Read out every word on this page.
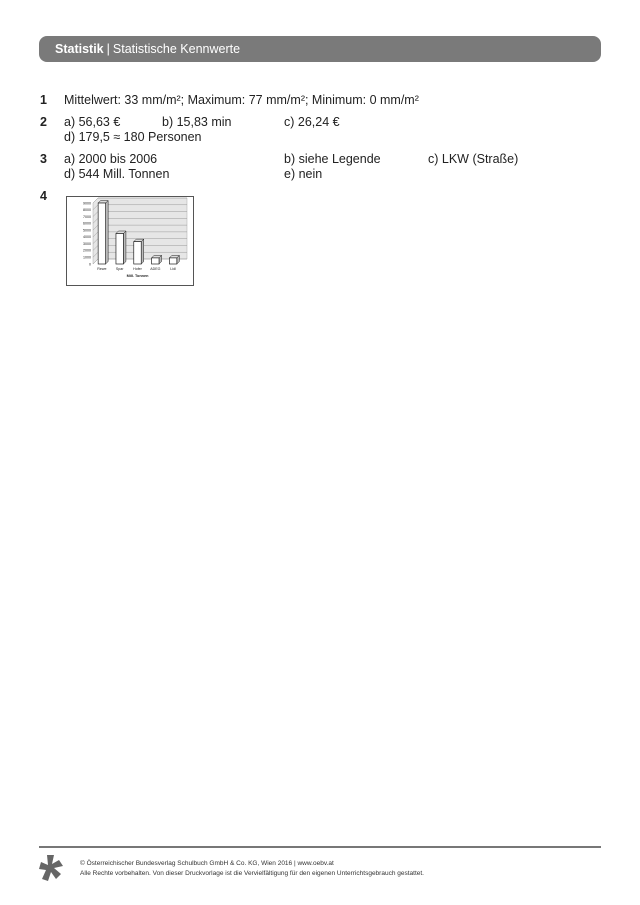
Statistik | Statistische Kennwerte
1 Mittelwert: 33 mm/m²; Maximum: 77 mm/m²; Minimum: 0 mm/m²
2 a) 56,63 €	b) 15,83 min	c) 26,24 €
d) 179,5 ≈ 180 Personen
3 a) 2000 bis 2006	b) siehe Legende	c) LKW (Straße)
d) 544 Mill. Tonnen	e) nein
4
0
1000
2000
3000
4000
5000
6000
7000
8000
9000
Rewe	Spar	Hofer ADEG	Lidl
Mill. Tonnen
© Österreichischer Bundesverlag Schulbuch GmbH & Co. KG, Wien 2016 | www.oebv.at
Alle Rechte vorbehalten. Von dieser Druckvorlage ist die Vervielfältigung für den eigenen Unterrichtsgebrauch gestattet.
